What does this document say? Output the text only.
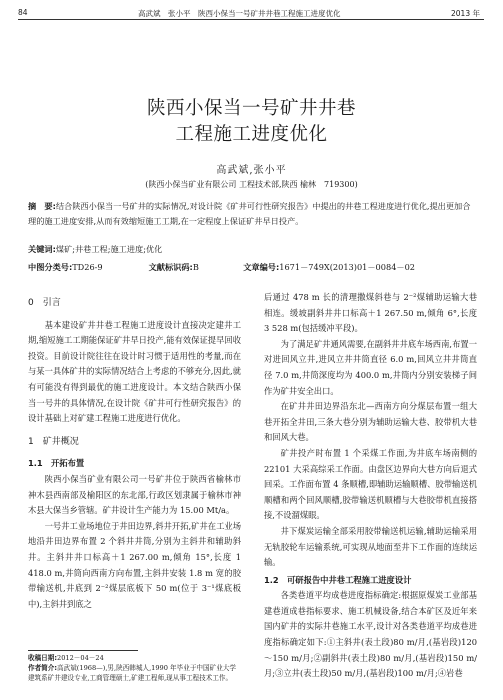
84	高武斌　张小平　陕西小保当一号矿井井巷工程施工进度优化	2013 年
陕西小保当一号矿井井巷
工程施工进度优化
高武斌,张小平
(陕西小保当矿业有限公司 工程技术部,陕西 榆林　719300)
摘　要:结合陕西小保当一号矿井的实际情况,对设计院《矿井可行性研究报告》中提出的井巷工程进度进行优化,提出更加合理的施工进度安排,从而有效缩短施工工期,在一定程度上保证矿井早日投产。
关键词:煤矿;井巷工程;施工进度;优化
中图分类号:TD26-9	文献标识码:B	文章编号:1671－749X(2013)01－0084－02
0　引言

基本建设矿井井巷工程施工进度设计直接决定建井工期,缩短施工工期能保证矿井早日投产,能有效保证提早回收投资。目前设计院往往在设计时习惯于适用性的考量,而在与某一具体矿井的实际情况结合上考虑的不够充分,因此,就有可能没有得到最优的施工进度设计。本文结合陕西小保当一号井的具体情况,在设计院《矿井可行性研究报告》的设计基础上对矿建工程施工进度进行优化。

1　矿井概况
1.1　开拓布置

陕西小保当矿业有限公司一号矿井位于陕西省榆林市神木县西南部及榆阳区的东北部,行政区划隶属于榆林市神木县大保当乡管辖。矿井设计生产能力为 15.00 Mt/a。

一号井工业场地位于井田边界,斜井开拓,矿井在工业场地沿井田边界布置 2 个斜井井筒,分别为主斜井和辅助斜井。主斜井井口标高＋1 267.00 m,倾角 15°,长度 1 418.0 m,井筒向西南方向布置,主斜井安装 1.8 m 宽的胶带输送机,井底到 2⁻²煤层底板下 50 m(位于 3⁻¹煤底板中),主斜井到底之

后通过 478 m 长的清理撒煤斜巷与 2⁻²煤辅助运输大巷相连。缓坡副斜井井口标高＋1 267.50 m,倾角 6°,长度 3 528 m(包括缓冲平段)。

为了满足矿井通风需要,在副斜井井底车场西南,布置一对进回风立井,进风立井井筒直径 6.0 m,回风立井井筒直径 7.0 m,井筒深度均为 400.0 m,井筒内分别安装梯子间作为矿井安全出口。

在矿井井田边界沿东北—西南方向分煤层布置一组大巷开拓全井田,三条大巷分别为辅助运输大巷、胶带机大巷和回风大巷。

矿井投产时布置 1 个采煤工作面,为井底车场南侧的 22101 大采高综采工作面。由盘区边界向大巷方向后退式回采。工作面布置 4 条顺槽,即辅助运输顺槽、胶带输送机顺槽和两个回风顺槽,胶带输送机顺槽与大巷胶带机直接搭接,不设溜煤眼。

井下煤炭运输全部采用胶带输送机运输,辅助运输采用无轨胶轮车运输系统,可实现从地面至井下工作面的连续运输。

1.2　可研报告中井巷工程施工进度设计

各类巷道平均成巷进度指标确定:根据原煤炭工业部基建巷道成巷指标要求、施工机械设备,结合本矿区及近年来国内矿井的实际井巷施工水平,设计对各类巷道平均成巷进度指标确定如下:①主斜井(表土段)80 m/月,(基岩段)120～150 m/月;②副斜井(表土段)80 m/月,(基岩段)150 m/月;③立井(表土段)50 m/月,(基岩段)100 m/月;④岩巷

收稿日期:2012－04－24
作者简介:高武斌(1968—),男,陕西韩城人,1990 年毕业于中国矿业大学建筑系矿井建设专业,工商管理硕士,矿建工程师,现从事工程技术工作。
